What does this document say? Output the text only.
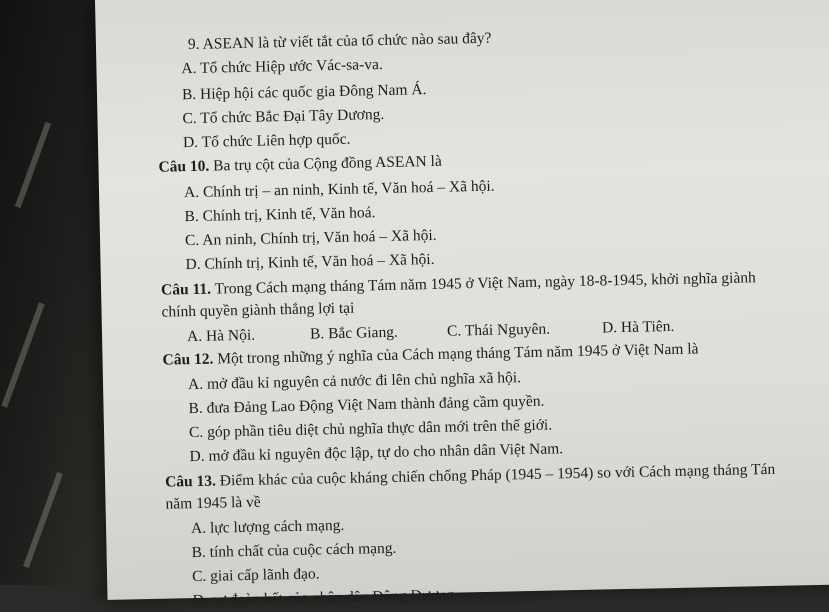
9. ASEAN là từ viết tắt của tổ chức nào sau đây?
A. Tổ chức Hiệp ước Vác-sa-va.
B. Hiệp hội các quốc gia Đông Nam Á.
C. Tổ chức Bắc Đại Tây Dương.
D. Tổ chức Liên hợp quốc.
Câu 10. Ba trụ cột của Cộng đồng ASEAN là
A. Chính trị – an ninh, Kinh tế, Văn hoá – Xã hội.
B. Chính trị, Kinh tế, Văn hoá.
C. An ninh, Chính trị, Văn hoá – Xã hội.
D. Chính trị, Kinh tế, Văn hoá – Xã hội.
Câu 11. Trong Cách mạng tháng Tám năm 1945 ở Việt Nam, ngày 18-8-1945, khởi nghĩa giành
chính quyền giành thắng lợi tại
A. Hà Nội.	B. Bắc Giang.	C. Thái Nguyên.	D. Hà Tiên.
Câu 12. Một trong những ý nghĩa của Cách mạng tháng Tám năm 1945 ở Việt Nam là
A. mở đầu kỉ nguyên cả nước đi lên chủ nghĩa xã hội.
B. đưa Đảng Lao Động Việt Nam thành đảng cầm quyền.
C. góp phần tiêu diệt chủ nghĩa thực dân mới trên thế giới.
D. mở đầu kỉ nguyên độc lập, tự do cho nhân dân Việt Nam.
Câu 13. Điểm khác của cuộc kháng chiến chống Pháp (1945 – 1954) so với Cách mạng tháng Tán
năm 1945 là về
A. lực lượng cách mạng.
B. tính chất của cuộc cách mạng.
C. giai cấp lãnh đạo.
D. sự đoàn kết của nhân dân Đông Dương.
